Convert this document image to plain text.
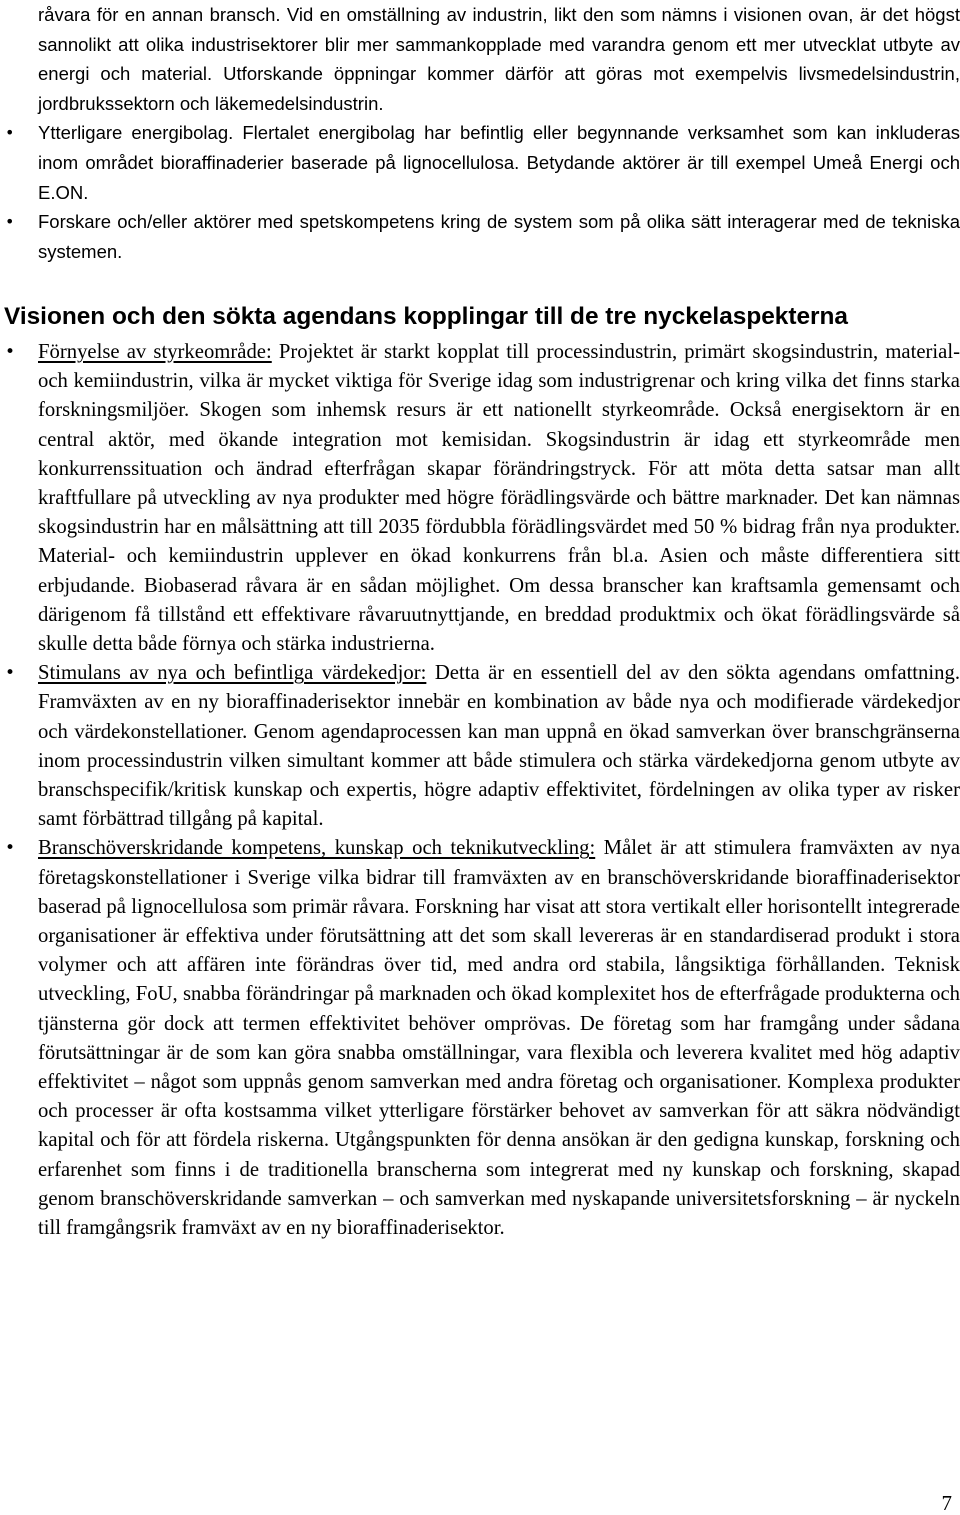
råvara för en annan bransch. Vid en omställning av industrin, likt den som nämns i visionen ovan, är det högst sannolikt att olika industrisektorer blir mer sammankopplade med varandra genom ett mer utvecklat utbyte av energi och material. Utforskande öppningar kommer därför att göras mot exempelvis livsmedelsindustrin, jordbrukssektorn och läkemedelsindustrin.

• Ytterligare energibolag. Flertalet energibolag har befintlig eller begynnande verksamhet som kan inkluderas inom området bioraffinaderier baserade på lignocellulosa. Betydande aktörer är till exempel Umeå Energi och E.ON.

• Forskare och/eller aktörer med spetskompetens kring de system som på olika sätt interagerar med de tekniska systemen.

Visionen och den sökta agendans kopplingar till de tre nyckelaspekterna
• Förnyelse av styrkeområde: Projektet är starkt kopplat till processindustrin, primärt skogsindustrin, material- och kemiindustrin, vilka är mycket viktiga för Sverige idag som industrigrenar och kring vilka det finns starka forskningsmiljöer. Skogen som inhemsk resurs är ett nationellt styrkeområde. Också energisektorn är en central aktör, med ökande integration mot kemisidan. Skogsindustrin är idag ett styrkeområde men konkurrenssituation och ändrad efterfrågan skapar förändringstryck. För att möta detta satsar man allt kraftfullare på utveckling av nya produkter med högre förädlingsvärde och bättre marknader. Det kan nämnas skogsindustrin har en målsättning att till 2035 fördubbla förädlingsvärdet med 50 % bidrag från nya produkter. Material- och kemiindustrin upplever en ökad konkurrens från bl.a. Asien och måste differentiera sitt erbjudande. Biobaserad råvara är en sådan möjlighet. Om dessa branscher kan kraftsamla gemensamt och därigenom få tillstånd ett effektivare råvaruutnyttjande, en breddad produktmix och ökat förädlingsvärde så skulle detta både förnya och stärka industrierna.

• Stimulans av nya och befintliga värdekedjor: Detta är en essentiell del av den sökta agendans omfattning. Framväxten av en ny bioraffinaderisektor innebär en kombination av både nya och modifierade värdekedjor och värdekonstellationer. Genom agendaprocessen kan man uppnå en ökad samverkan över branschgränserna inom processindustrin vilken simultant kommer att både stimulera och stärka värdekedjorna genom utbyte av branschspecifik/kritisk kunskap och expertis, högre adaptiv effektivitet, fördelningen av olika typer av risker samt förbättrad tillgång på kapital.

• Branschöverskridande kompetens, kunskap och teknikutveckling: Målet är att stimulera framväxten av nya företagskonstellationer i Sverige vilka bidrar till framväxten av en branschöverskridande bioraffinaderisektor baserad på lignocellulosa som primär råvara. Forskning har visat att stora vertikalt eller horisontellt integrerade organisationer är effektiva under förutsättning att det som skall levereras är en standardiserad produkt i stora volymer och att affären inte förändras över tid, med andra ord stabila, långsiktiga förhållanden. Teknisk utveckling, FoU, snabba förändringar på marknaden och ökad komplexitet hos de efterfrågade produkterna och tjänsterna gör dock att termen effektivitet behöver omprövas. De företag som har framgång under sådana förutsättningar är de som kan göra snabba omställningar, vara flexibla och leverera kvalitet med hög adaptiv effektivitet – något som uppnås genom samverkan med andra företag och organisationer. Komplexa produkter och processer är ofta kostsamma vilket ytterligare förstärker behovet av samverkan för att säkra nödvändigt kapital och för att fördela riskerna. Utgångspunkten för denna ansökan är den gedigna kunskap, forskning och erfarenhet som finns i de traditionella branscherna som integrerat med ny kunskap och forskning, skapad genom branschöverskridande samverkan – och samverkan med nyskapande universitetsforskning – är nyckeln till framgångsrik framväxt av en ny bioraffinaderisektor.

7
